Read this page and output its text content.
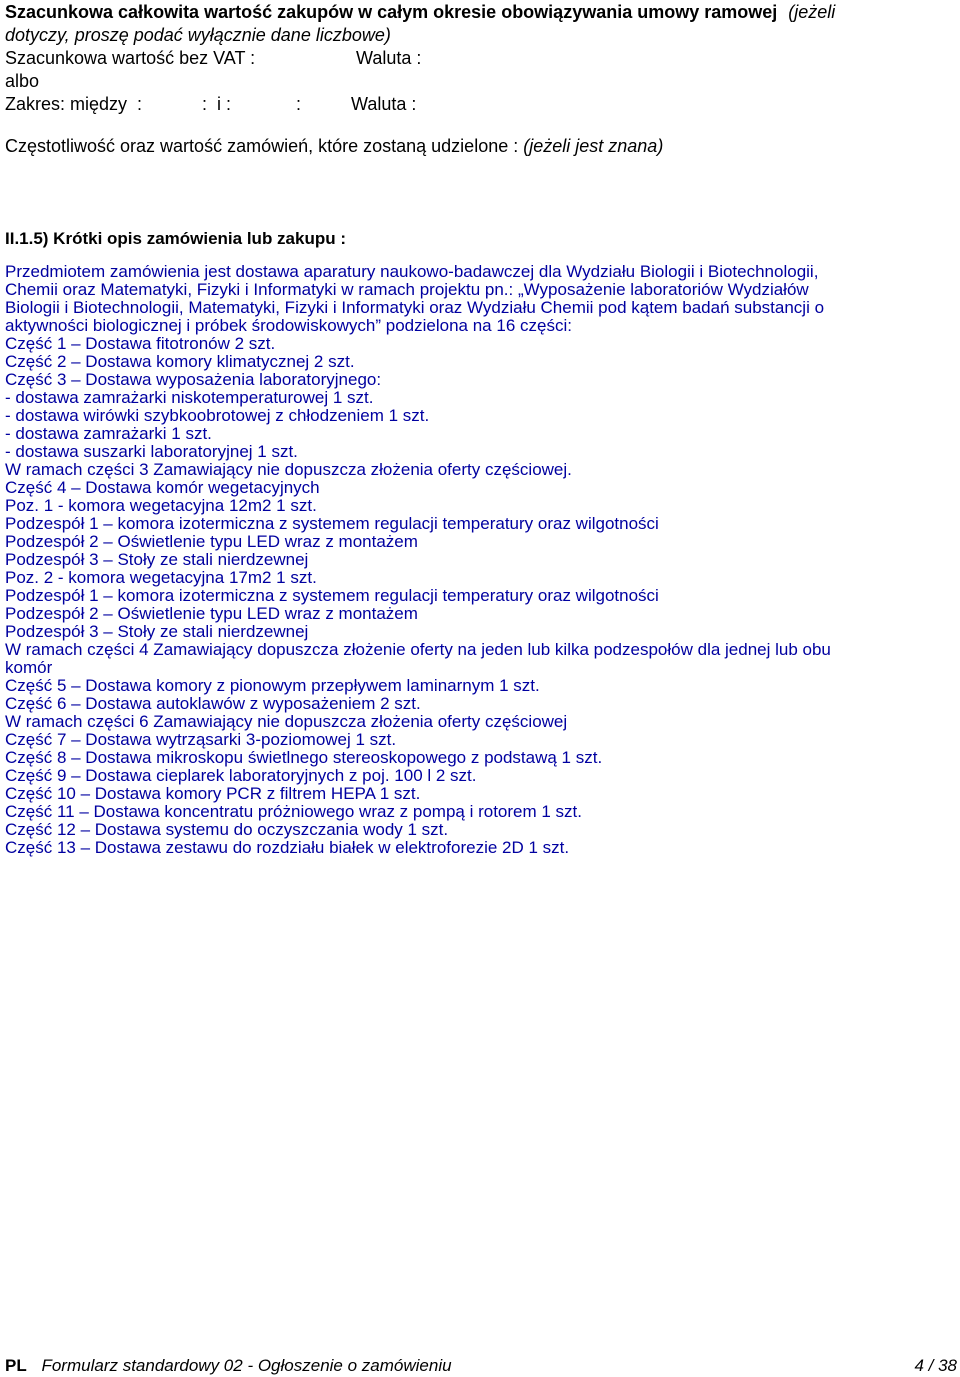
Szacunkowa całkowita wartość zakupów w całym okresie obowiązywania umowy ramowej (jeżeli
dotyczy, proszę podać wyłącznie dane liczbowe)
Szacunkowa wartość bez VAT :	Waluta :
albo
Zakres: między  :            :  i :             :	Waluta :
Częstotliwość oraz wartość zamówień, które zostaną udzielone : (jeżeli jest znana)
II.1.5) Krótki opis zamówienia lub zakupu :
Przedmiotem zamówienia jest dostawa aparatury naukowo-badawczej dla Wydziału Biologii i Biotechnologii,
Chemii oraz Matematyki, Fizyki i Informatyki w ramach projektu pn.: „Wyposażenie laboratoriów Wydziałów
Biologii i Biotechnologii, Matematyki, Fizyki i Informatyki oraz Wydziału Chemii pod kątem badań substancji o
aktywności biologicznej i próbek środowiskowych” podzielona na 16 części:
Część 1 – Dostawa fitotronów 2 szt.
Część 2 – Dostawa komory klimatycznej 2 szt.
Część 3 – Dostawa wyposażenia laboratoryjnego:
- dostawa zamrażarki niskotemperaturowej 1 szt.
- dostawa wirówki szybkoobrotowej z chłodzeniem 1 szt.
- dostawa zamrażarki 1 szt.
- dostawa suszarki laboratoryjnej 1 szt.
W ramach części 3 Zamawiający nie dopuszcza złożenia oferty częściowej.
Część 4 – Dostawa komór wegetacyjnych
Poz. 1 - komora wegetacyjna 12m2 1 szt.
Podzespół 1 – komora izotermiczna z systemem regulacji temperatury oraz wilgotności
Podzespół 2 – Oświetlenie typu LED wraz z montażem
Podzespół 3 – Stoły ze stali nierdzewnej
Poz. 2 - komora wegetacyjna 17m2 1 szt.
Podzespół 1 – komora izotermiczna z systemem regulacji temperatury oraz wilgotności
Podzespół 2 – Oświetlenie typu LED wraz z montażem
Podzespół 3 – Stoły ze stali nierdzewnej
W ramach części 4 Zamawiający dopuszcza złożenie oferty na jeden lub kilka podzespołów dla jednej lub obu
komór
Część 5 – Dostawa komory z pionowym przepływem laminarnym 1 szt.
Część 6 – Dostawa autoklawów z wyposażeniem 2 szt.
W ramach części 6 Zamawiający nie dopuszcza złożenia oferty częściowej
Część 7 – Dostawa wytrząsarki 3-poziomowej 1 szt.
Część 8 – Dostawa mikroskopu świetlnego stereoskopowego z podstawą 1 szt.
Część 9 – Dostawa cieplarek laboratoryjnych z poj. 100 l 2 szt.
Część 10 – Dostawa komory PCR z filtrem HEPA 1 szt.
Część 11 – Dostawa koncentratu próżniowego wraz z pompą i rotorem 1 szt.
Część 12 – Dostawa systemu do oczyszczania wody 1 szt.
Część 13 – Dostawa zestawu do rozdziału białek w elektroforezie 2D 1 szt.
PL Formularz standardowy 02 - Ogłoszenie o zamówieniu	4 / 38
